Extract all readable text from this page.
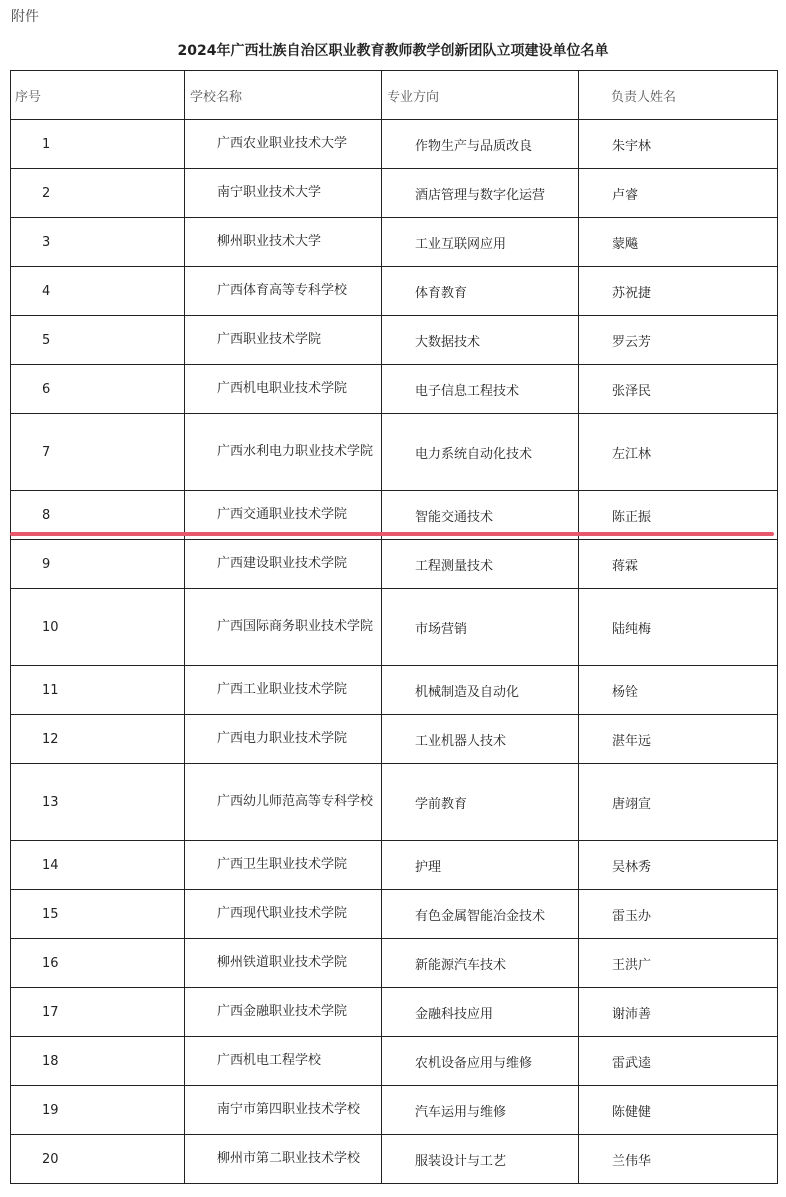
附件
2024年广西壮族自治区职业教育教师教学创新团队立项建设单位名单
序号	学校名称	专业方向	负责人姓名
1	广西农业职业技术大学	作物生产与品质改良	朱宇林
2	南宁职业技术大学	酒店管理与数字化运营	卢睿
3	柳州职业技术大学	工业互联网应用	蒙飚
4	广西体育高等专科学校	体育教育	苏祝捷
5	广西职业技术学院	大数据技术	罗云芳
6	广西机电职业技术学院	电子信息工程技术	张泽民
7	广西水利电力职业技术学院	电力系统自动化技术	左江林
8	广西交通职业技术学院	智能交通技术	陈正振
9	广西建设职业技术学院	工程测量技术	蒋霖
10	广西国际商务职业技术学院	市场营销	陆纯梅
11	广西工业职业技术学院	机械制造及自动化	杨铨
12	广西电力职业技术学院	工业机器人技术	湛年远
13	广西幼儿师范高等专科学校	学前教育	唐翊宣
14	广西卫生职业技术学院	护理	吴林秀
15	广西现代职业技术学院	有色金属智能冶金技术	雷玉办
16	柳州铁道职业技术学院	新能源汽车技术	王洪广
17	广西金融职业技术学院	金融科技应用	谢沛善
18	广西机电工程学校	农机设备应用与维修	雷武逵
19	南宁市第四职业技术学校	汽车运用与维修	陈健健
20	柳州市第二职业技术学校	服装设计与工艺	兰伟华
